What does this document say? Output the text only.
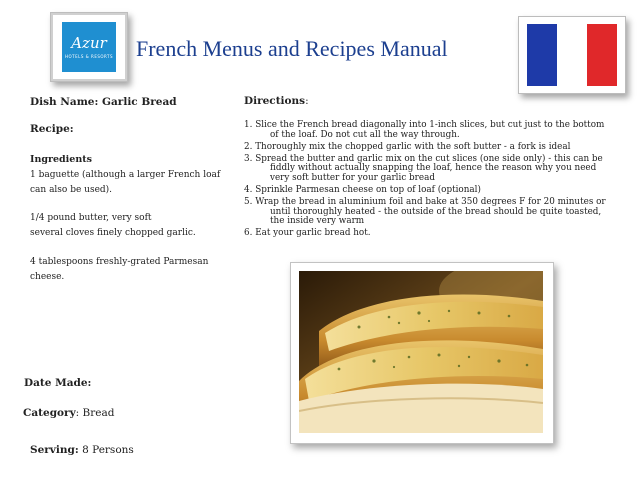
Azur
HOTELS & RESORTS French Menus and Recipes Manual
Dish Name: Garlic Bread
Recipe:
Ingredients
1 baguette (although a larger French loaf can also be used).
1/4 pound butter, very soft
several cloves finely chopped garlic.
4 tablespoons freshly-grated Parmesan cheese.
Date Made:
Category: Bread
Serving: 8 Persons
Directions:
1. Slice the French bread diagonally into 1-inch slices, but cut just to the bottom of the loaf. Do not cut all the way through.
2. Thoroughly mix the chopped garlic with the soft butter - a fork is ideal
3. Spread the butter and garlic mix on the cut slices (one side only) - this can be fiddly without actually snapping the loaf, hence the reason why you need very soft butter for your garlic bread
4. Sprinkle Parmesan cheese on top of loaf (optional)
5. Wrap the bread in aluminium foil and bake at 350 degrees F for 20 minutes or until thoroughly heated - the outside of the bread should be quite toasted, the inside very warm
6. Eat your garlic bread hot.
